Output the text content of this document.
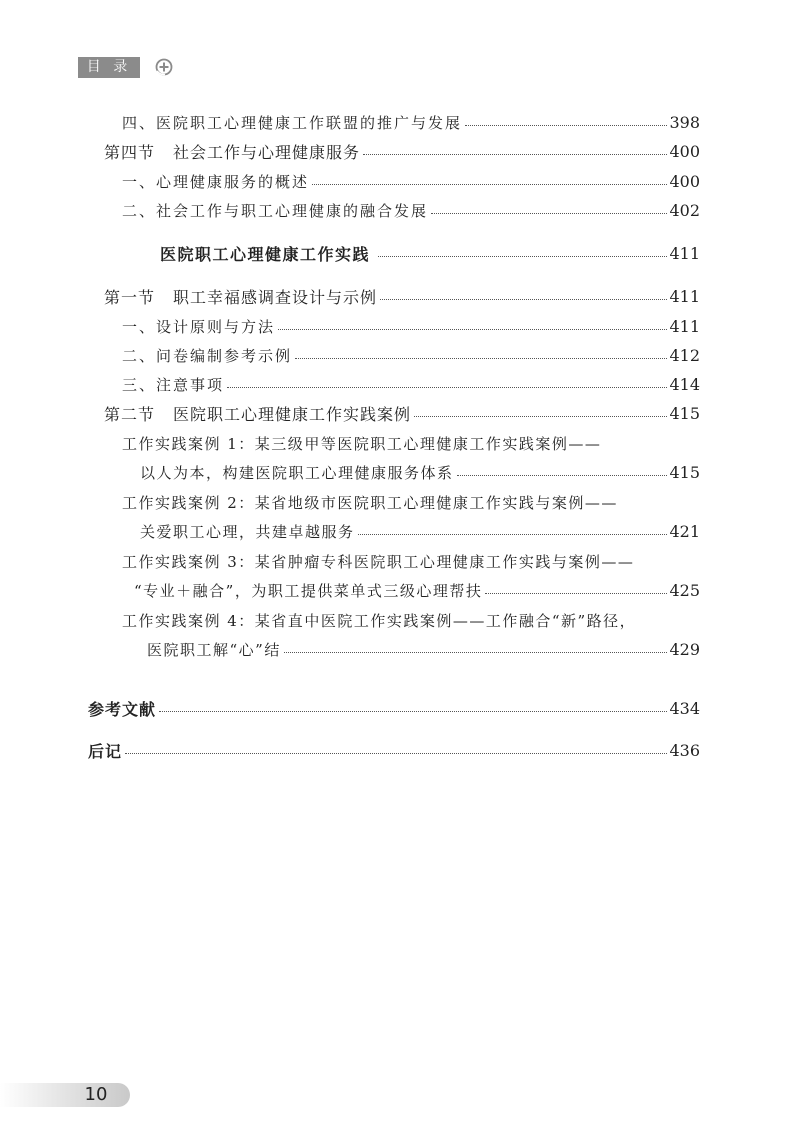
目 录
四、医院职工心理健康工作联盟的推广与发展	398
第四节 社会工作与心理健康服务	400
一、心理健康服务的概述	400
二、社会工作与职工心理健康的融合发展	402
医院职工心理健康工作实践	411
第一节 职工幸福感调查设计与示例	411
一、设计原则与方法	411
二、问卷编制参考示例	412
三、注意事项	414
第二节 医院职工心理健康工作实践案例	415
工作实践案例 1：某三级甲等医院职工心理健康工作实践案例——
以人为本，构建医院职工心理健康服务体系	415
工作实践案例 2：某省地级市医院职工心理健康工作实践与案例——
关爱职工心理，共建卓越服务	421
工作实践案例 3：某省肿瘤专科医院职工心理健康工作实践与案例——
“专业＋融合”，为职工提供菜单式三级心理帮扶	425
工作实践案例 4：某省直中医院工作实践案例——工作融合“新”路径，
医院职工解“心”结	429
参考文献	434
后记	436
10
